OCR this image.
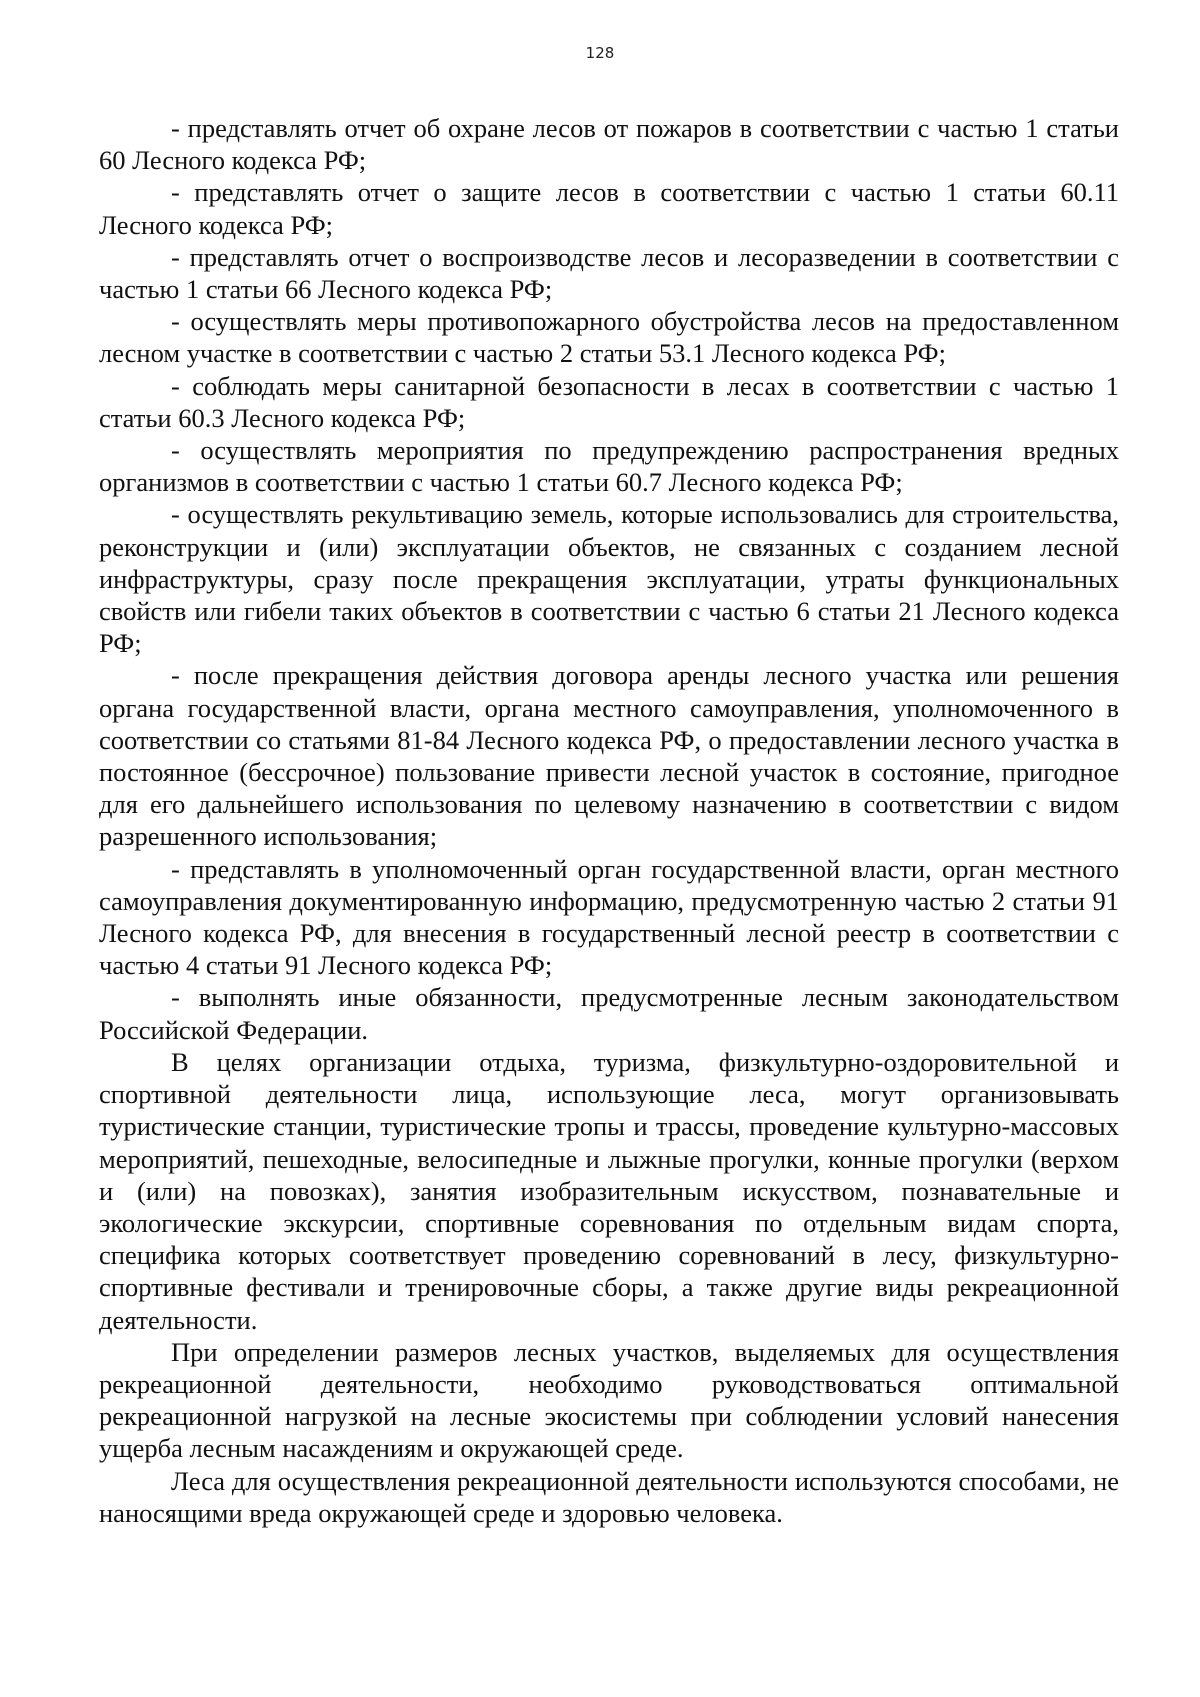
128

- представлять отчет об охране лесов от пожаров в соответствии с частью 1 статьи 60 Лесного кодекса РФ;

- представлять отчет о защите лесов в соответствии с частью 1 статьи 60.11 Лесного кодекса РФ;

- представлять отчет о воспроизводстве лесов и лесоразведении в соответствии с частью 1 статьи 66 Лесного кодекса РФ;

- осуществлять меры противопожарного обустройства лесов на предоставленном лесном участке в соответствии с частью 2 статьи 53.1 Лесного кодекса РФ;

- соблюдать меры санитарной безопасности в лесах в соответствии с частью 1 статьи 60.3 Лесного кодекса РФ;

- осуществлять мероприятия по предупреждению распространения вредных организмов в соответствии с частью 1 статьи 60.7 Лесного кодекса РФ;

- осуществлять рекультивацию земель, которые использовались для строительства, реконструкции и (или) эксплуатации объектов, не связанных с созданием лесной инфраструктуры, сразу после прекращения эксплуатации, утраты функциональных свойств или гибели таких объектов в соответствии с частью 6 статьи 21 Лесного кодекса РФ;

- после прекращения действия договора аренды лесного участка или решения органа государственной власти, органа местного самоуправления, уполномоченного в соответствии со статьями 81-84 Лесного кодекса РФ, о предоставлении лесного участка в постоянное (бессрочное) пользование привести лесной участок в состояние, пригодное для его дальнейшего использования по целевому назначению в соответствии с видом разрешенного использования;

- представлять в уполномоченный орган государственной власти, орган местного самоуправления документированную информацию, предусмотренную частью 2 статьи 91 Лесного кодекса РФ, для внесения в государственный лесной реестр в соответствии с частью 4 статьи 91 Лесного кодекса РФ;

- выполнять иные обязанности, предусмотренные лесным законодательством Российской Федерации.

В целях организации отдыха, туризма, физкультурно-оздоровительной и спортивной деятельности лица, использующие леса, могут организовывать туристические станции, туристические тропы и трассы, проведение культурно-массовых мероприятий, пешеходные, велосипедные и лыжные прогулки, конные прогулки (верхом и (или) на повозках), занятия изобразительным искусством, познавательные и экологические экскурсии, спортивные соревнования по отдельным видам спорта, специфика которых соответствует проведению соревнований в лесу, физкультурно-спортивные фестивали и тренировочные сборы, а также другие виды рекреационной деятельности.

При определении размеров лесных участков, выделяемых для осуществления рекреационной деятельности, необходимо руководствоваться оптимальной рекреационной нагрузкой на лесные экосистемы при соблюдении условий нанесения ущерба лесным насаждениям и окружающей среде.

Леса для осуществления рекреационной деятельности используются способами, не наносящими вреда окружающей среде и здоровью человека.
